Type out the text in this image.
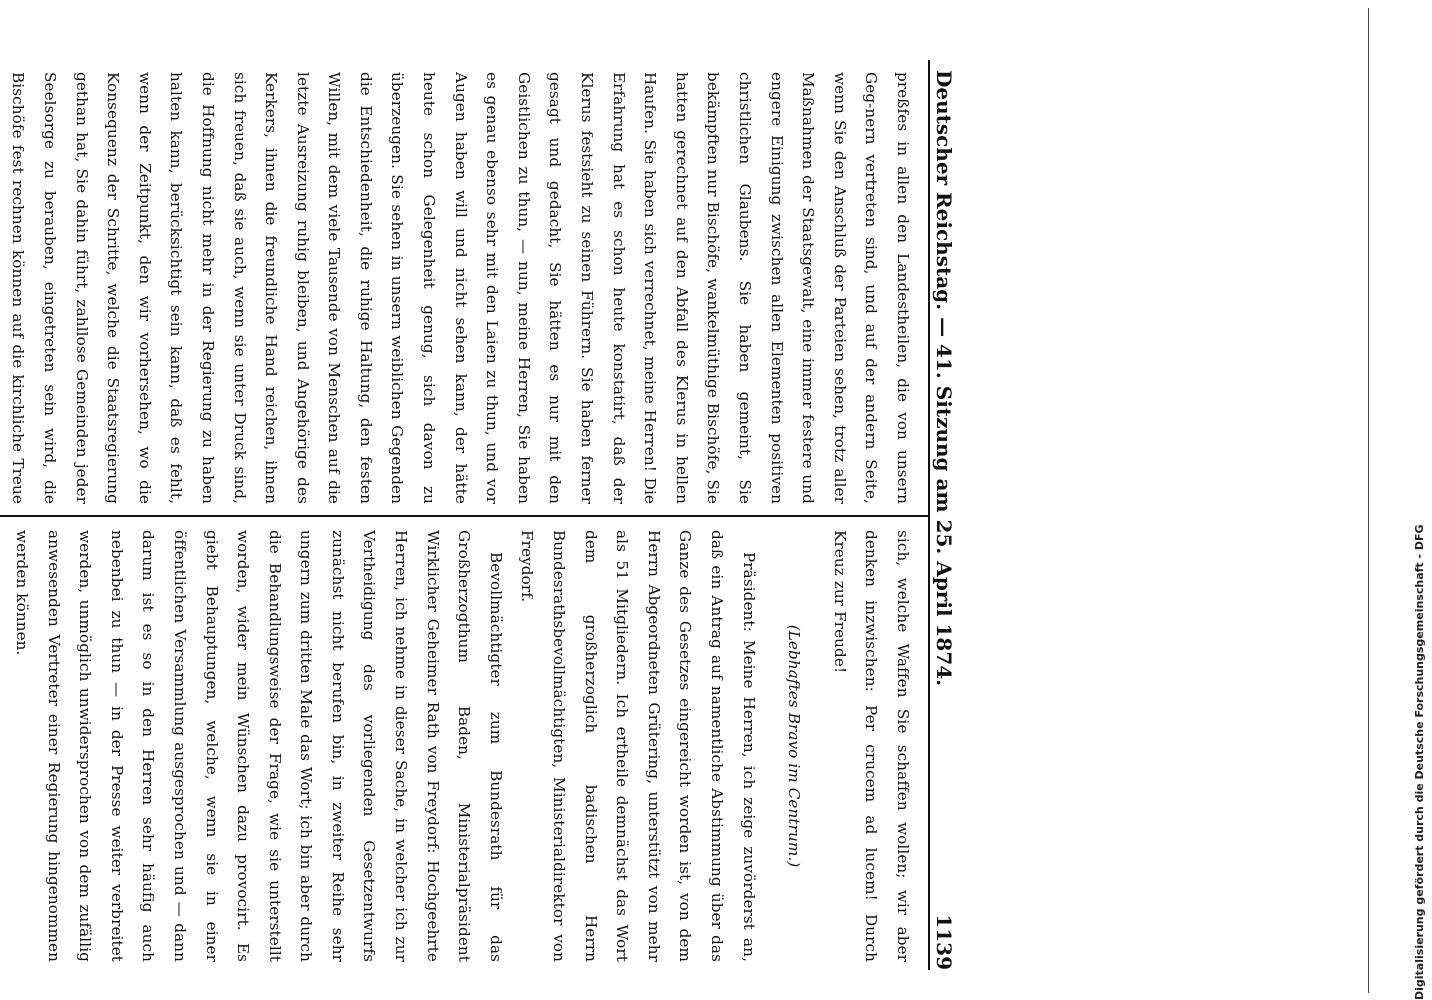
Deutscher Reichstag. — 41. Sitzung am 25. April 1874.
1139

preßfes in allen den Landestheilen, die von unsern Geg-nern vertreten sind, und auf der andern Seite, wenn Sie den Anschluß der Parteien sehen, trotz aller Maßnahmen der Staatsgewalt, eine immer festere und engere Einigung zwischen allen Elementen positiven christlichen Glaubens. Sie haben gemeint, Sie bekämpften nur Bischöfe, wankelmüthige Bischöfe, Sie hatten gerechnet auf den Abfall des Klerus in hellen Haufen. Sie haben sich verrechnet, meine Herren! Die Erfahrung hat es schon heute konstatirt, daß der Klerus festsieht zu seinen Führern. Sie haben ferner gesagt und gedacht, Sie hätten es nur mit den Geistlichen zu thun, — nun, meine Herren, Sie haben es genau ebenso sehr mit den Laien zu thun, und vor Augen haben will und nicht sehen kann, der hätte heute schon Gelegenheit genug, sich davon zu überzeugen. Sie sehen in unsern weiblichen Gegenden die Entschiedenheit, die ruhige Haltung, den festen Willen, mit dem viele Tausende von Menschen auf die letzte Ausreizung ruhig bleiben, und Angehörige des Kerkers, ihnen die freundliche Hand reichen, ihnen sich freuen, daß sie auch, wenn sie unter Druck sind, die Hoffnung nicht mehr in der Regierung zu haben halten kann, berücksichtigt sein kann, daß es fehlt, wenn der Zeitpunkt, den wir vorhersehen, wo die Konsequenz der Schritte, welche die Staatsregierung gethan hat, Sie dahin führt, zahllose Gemeinden jeder Seelsorge zu berauben, eingetreten sein wird, die Bischöfe fest rechnen können auf die kirchliche Treue

sich, welche Waffen Sie schaffen wollen; wir aber denken inzwischen: Per crucem ad lucem! Durch Kreuz zur Freude!

(Lebhaftes Bravo im Centrum.)

Präsident: Meine Herren, ich zeige zuvörderst an, daß ein Antrag auf namentliche Abstimmung über das Ganze des Gesetzes eingereicht worden ist, von dem Herrn Abgeordneten Grütering, unterstützt von mehr als 51 Mitgliedern. Ich ertheile demnächst das Wort dem großherzoglich badischen Herrn Bundesrathsbevollmächtigten, Ministerialdirektor von Freydorf.

Bevollmächtigter zum Bundesrath für das Großherzogthum Baden, Ministerialpräsident Wirklicher Geheimer Rath von Freydorf: Hochgeehrte Herren, ich nehme in dieser Sache, in welcher ich zur Vertheidigung des vorliegenden Gesetzentwurfs zunächst nicht berufen bin, in zweiter Reihe sehr ungern zum dritten Male das Wort; ich bin aber durch die Behandlungsweise der Frage, wie sie unterstellt worden, wider mein Wünschen dazu provocirt. Es giebt Behauptungen, welche, wenn sie in einer öffentlichen Versammlung ausgesprochen und — dann darum ist es so in den Herren sehr häufig auch nebenbei zu thun — in der Presse weiter verbreitet werden, unmöglich unwidersprochen von dem zufällig anwesenden Vertreter einer Regierung hingenommen werden können.	Digitalisierung gefördert durch die Deutsche Forschungsgemeinschaft - DFG
